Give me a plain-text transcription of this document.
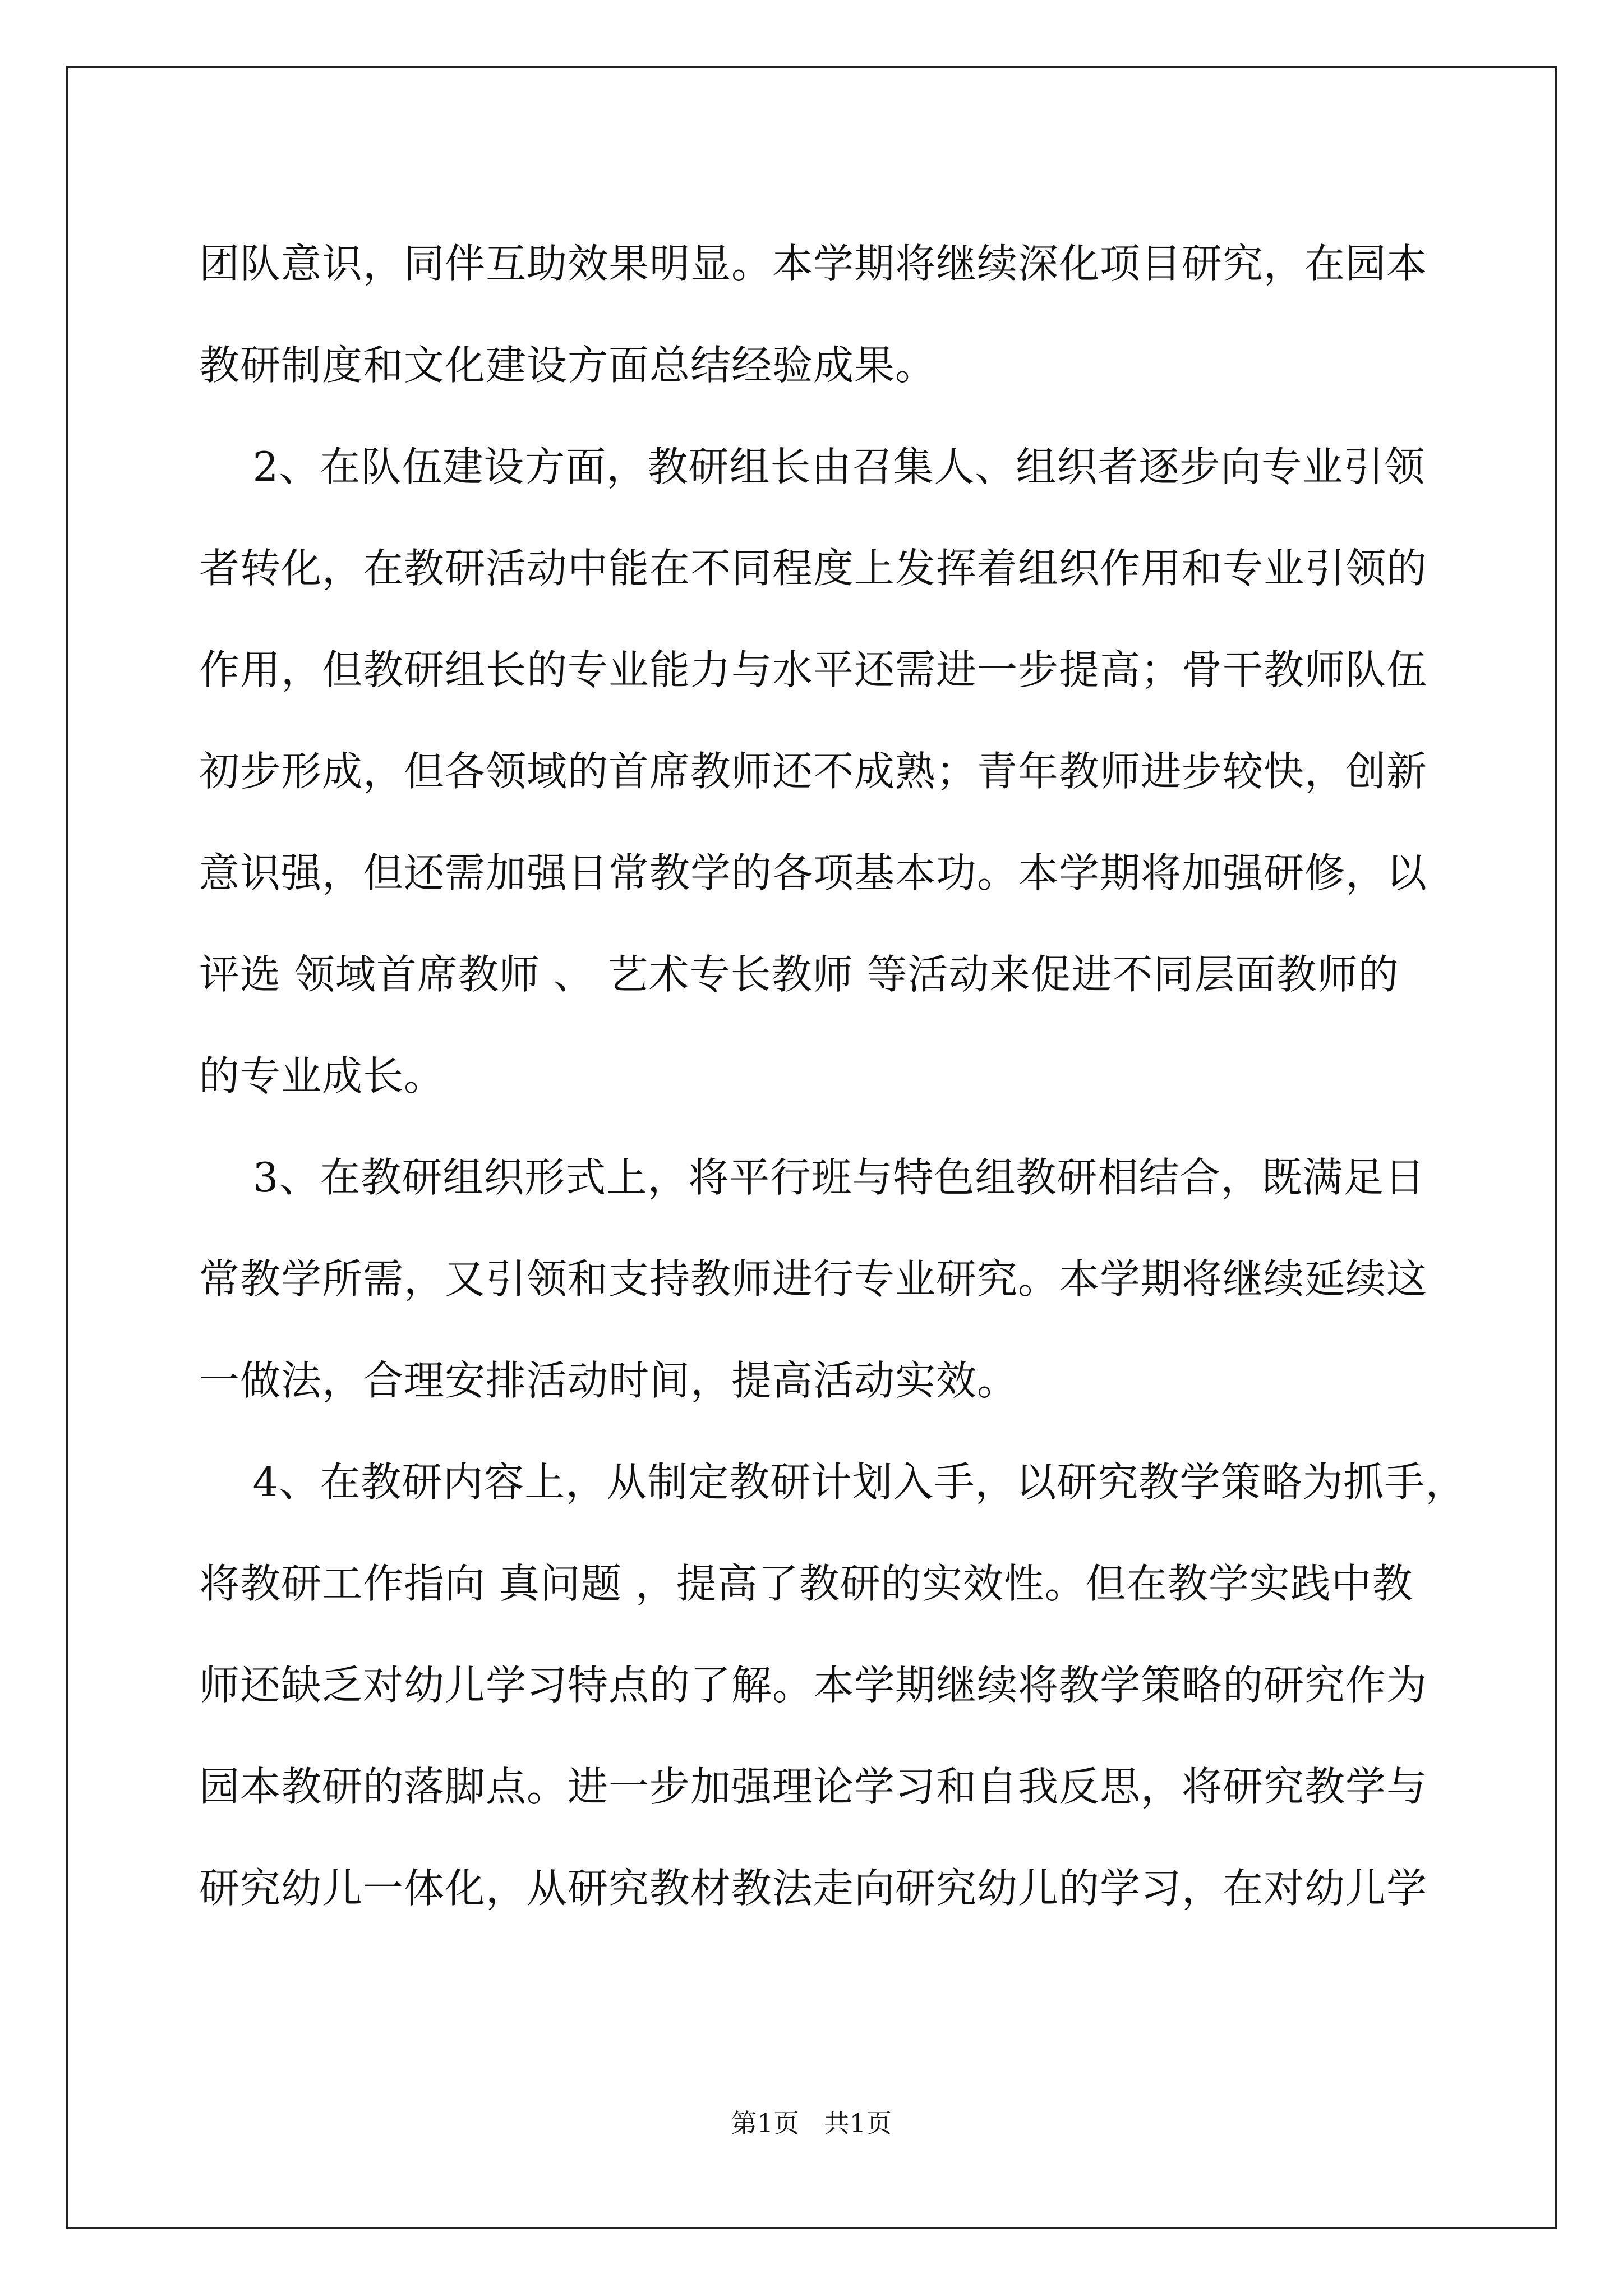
团队意识，同伴互助效果明显。本学期将继续深化项目研究，在园本
教研制度和文化建设方面总结经验成果。
2、在队伍建设方面，教研组长由召集人、组织者逐步向专业引领
者转化，在教研活动中能在不同程度上发挥着组织作用和专业引领的
作用，但教研组长的专业能力与水平还需进一步提高；骨干教师队伍
初步形成，但各领域的首席教师还不成熟；青年教师进步较快，创新
意识强，但还需加强日常教学的各项基本功。本学期将加强研修，以
评选 领域首席教师 、 艺术专长教师 等活动来促进不同层面教师的
的专业成长。
3、在教研组织形式上，将平行班与特色组教研相结合，既满足日
常教学所需，又引领和支持教师进行专业研究。本学期将继续延续这
一做法，合理安排活动时间，提高活动实效。
4、在教研内容上，从制定教研计划入手，以研究教学策略为抓手，
将教研工作指向 真问题 ，提高了教研的实效性。但在教学实践中教
师还缺乏对幼儿学习特点的了解。本学期继续将教学策略的研究作为
园本教研的落脚点。进一步加强理论学习和自我反思，将研究教学与
研究幼儿一体化，从研究教材教法走向研究幼儿的学习，在对幼儿学
第1页   共1页
